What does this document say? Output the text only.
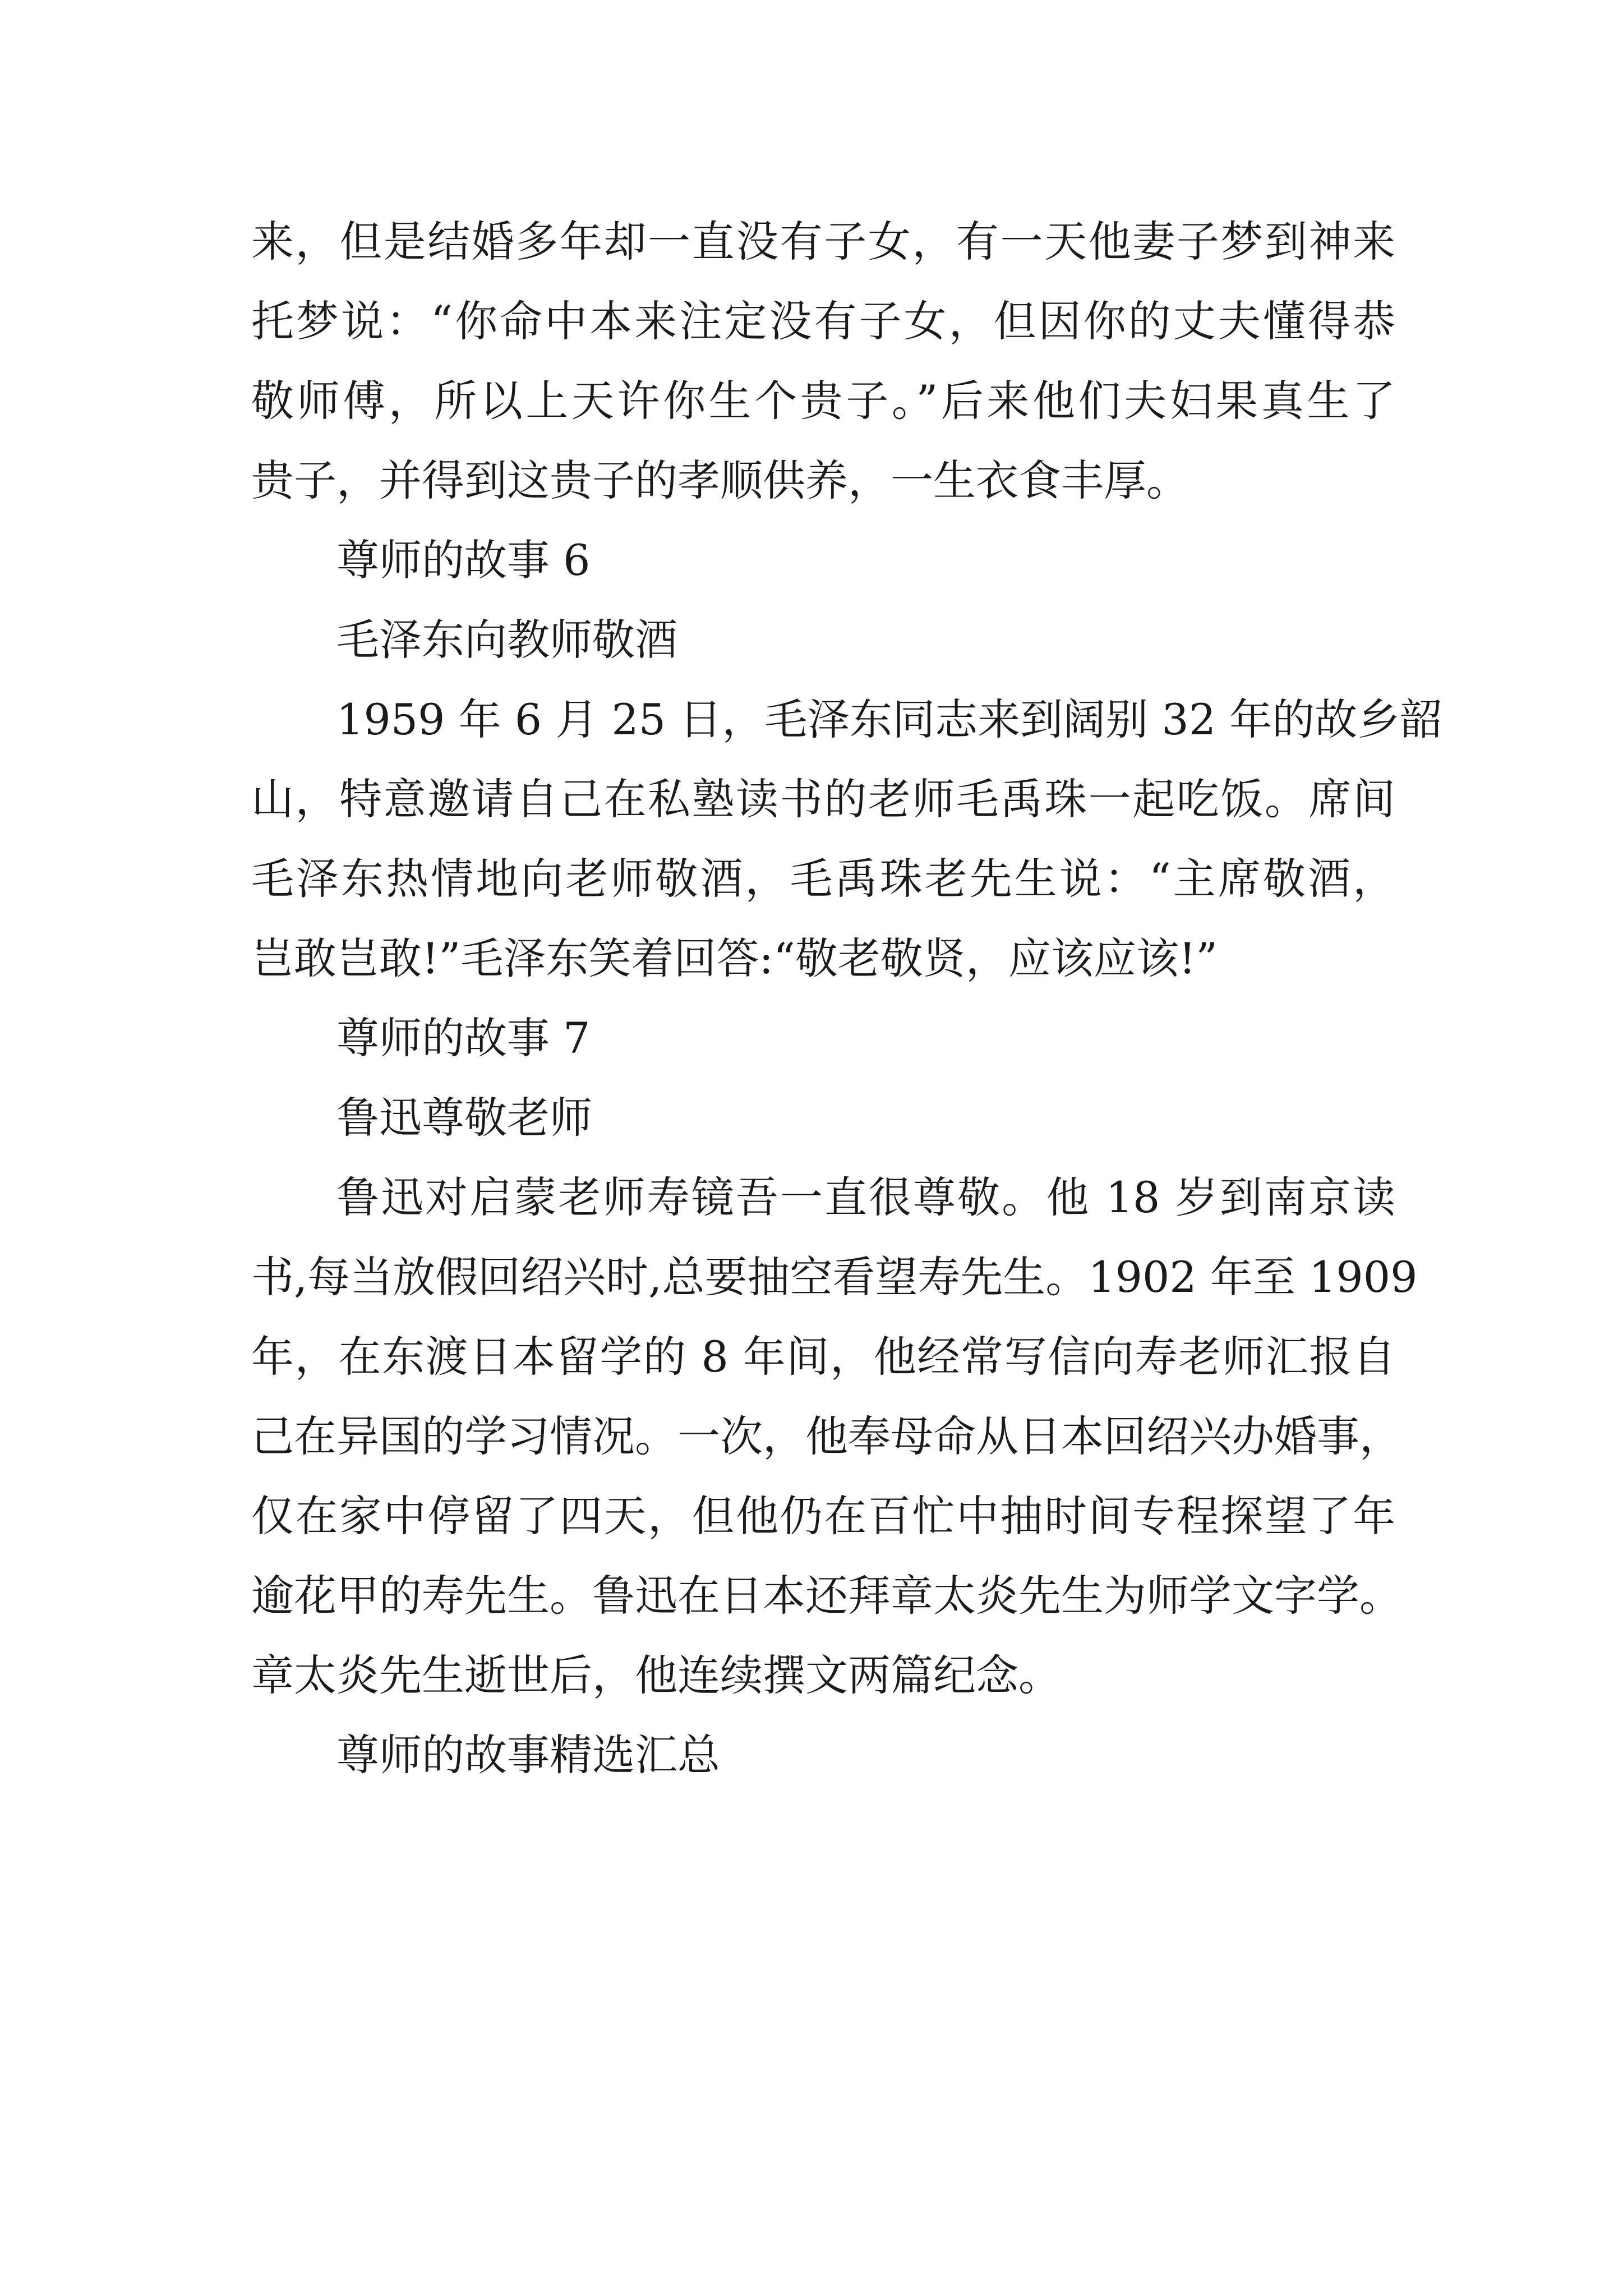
来，但是结婚多年却一直没有子女，有一天他妻子梦到神来
托梦说：“你命中本来注定没有子女，但因你的丈夫懂得恭
敬师傅，所以上天许你生个贵子。”后来他们夫妇果真生了
贵子，并得到这贵子的孝顺供养，一生衣食丰厚。

尊师的故事 6

毛泽东向教师敬酒

1959 年 6 月 25 日，毛泽东同志来到阔别 32 年的故乡韶
山，特意邀请自己在私塾读书的老师毛禹珠一起吃饭。席间
毛泽东热情地向老师敬酒，毛禹珠老先生说：“主席敬酒，
岂敢岂敢!”毛泽东笑着回答:“敬老敬贤，应该应该!”

尊师的故事 7

鲁迅尊敬老师

鲁迅对启蒙老师寿镜吾一直很尊敬。他 18 岁到南京读
书,每当放假回绍兴时,总要抽空看望寿先生。1902 年至 1909
年，在东渡日本留学的 8 年间，他经常写信向寿老师汇报自
己在异国的学习情况。一次，他奉母命从日本回绍兴办婚事，
仅在家中停留了四天，但他仍在百忙中抽时间专程探望了年
逾花甲的寿先生。鲁迅在日本还拜章太炎先生为师学文字学。
章太炎先生逝世后，他连续撰文两篇纪念。

尊师的故事精选汇总
